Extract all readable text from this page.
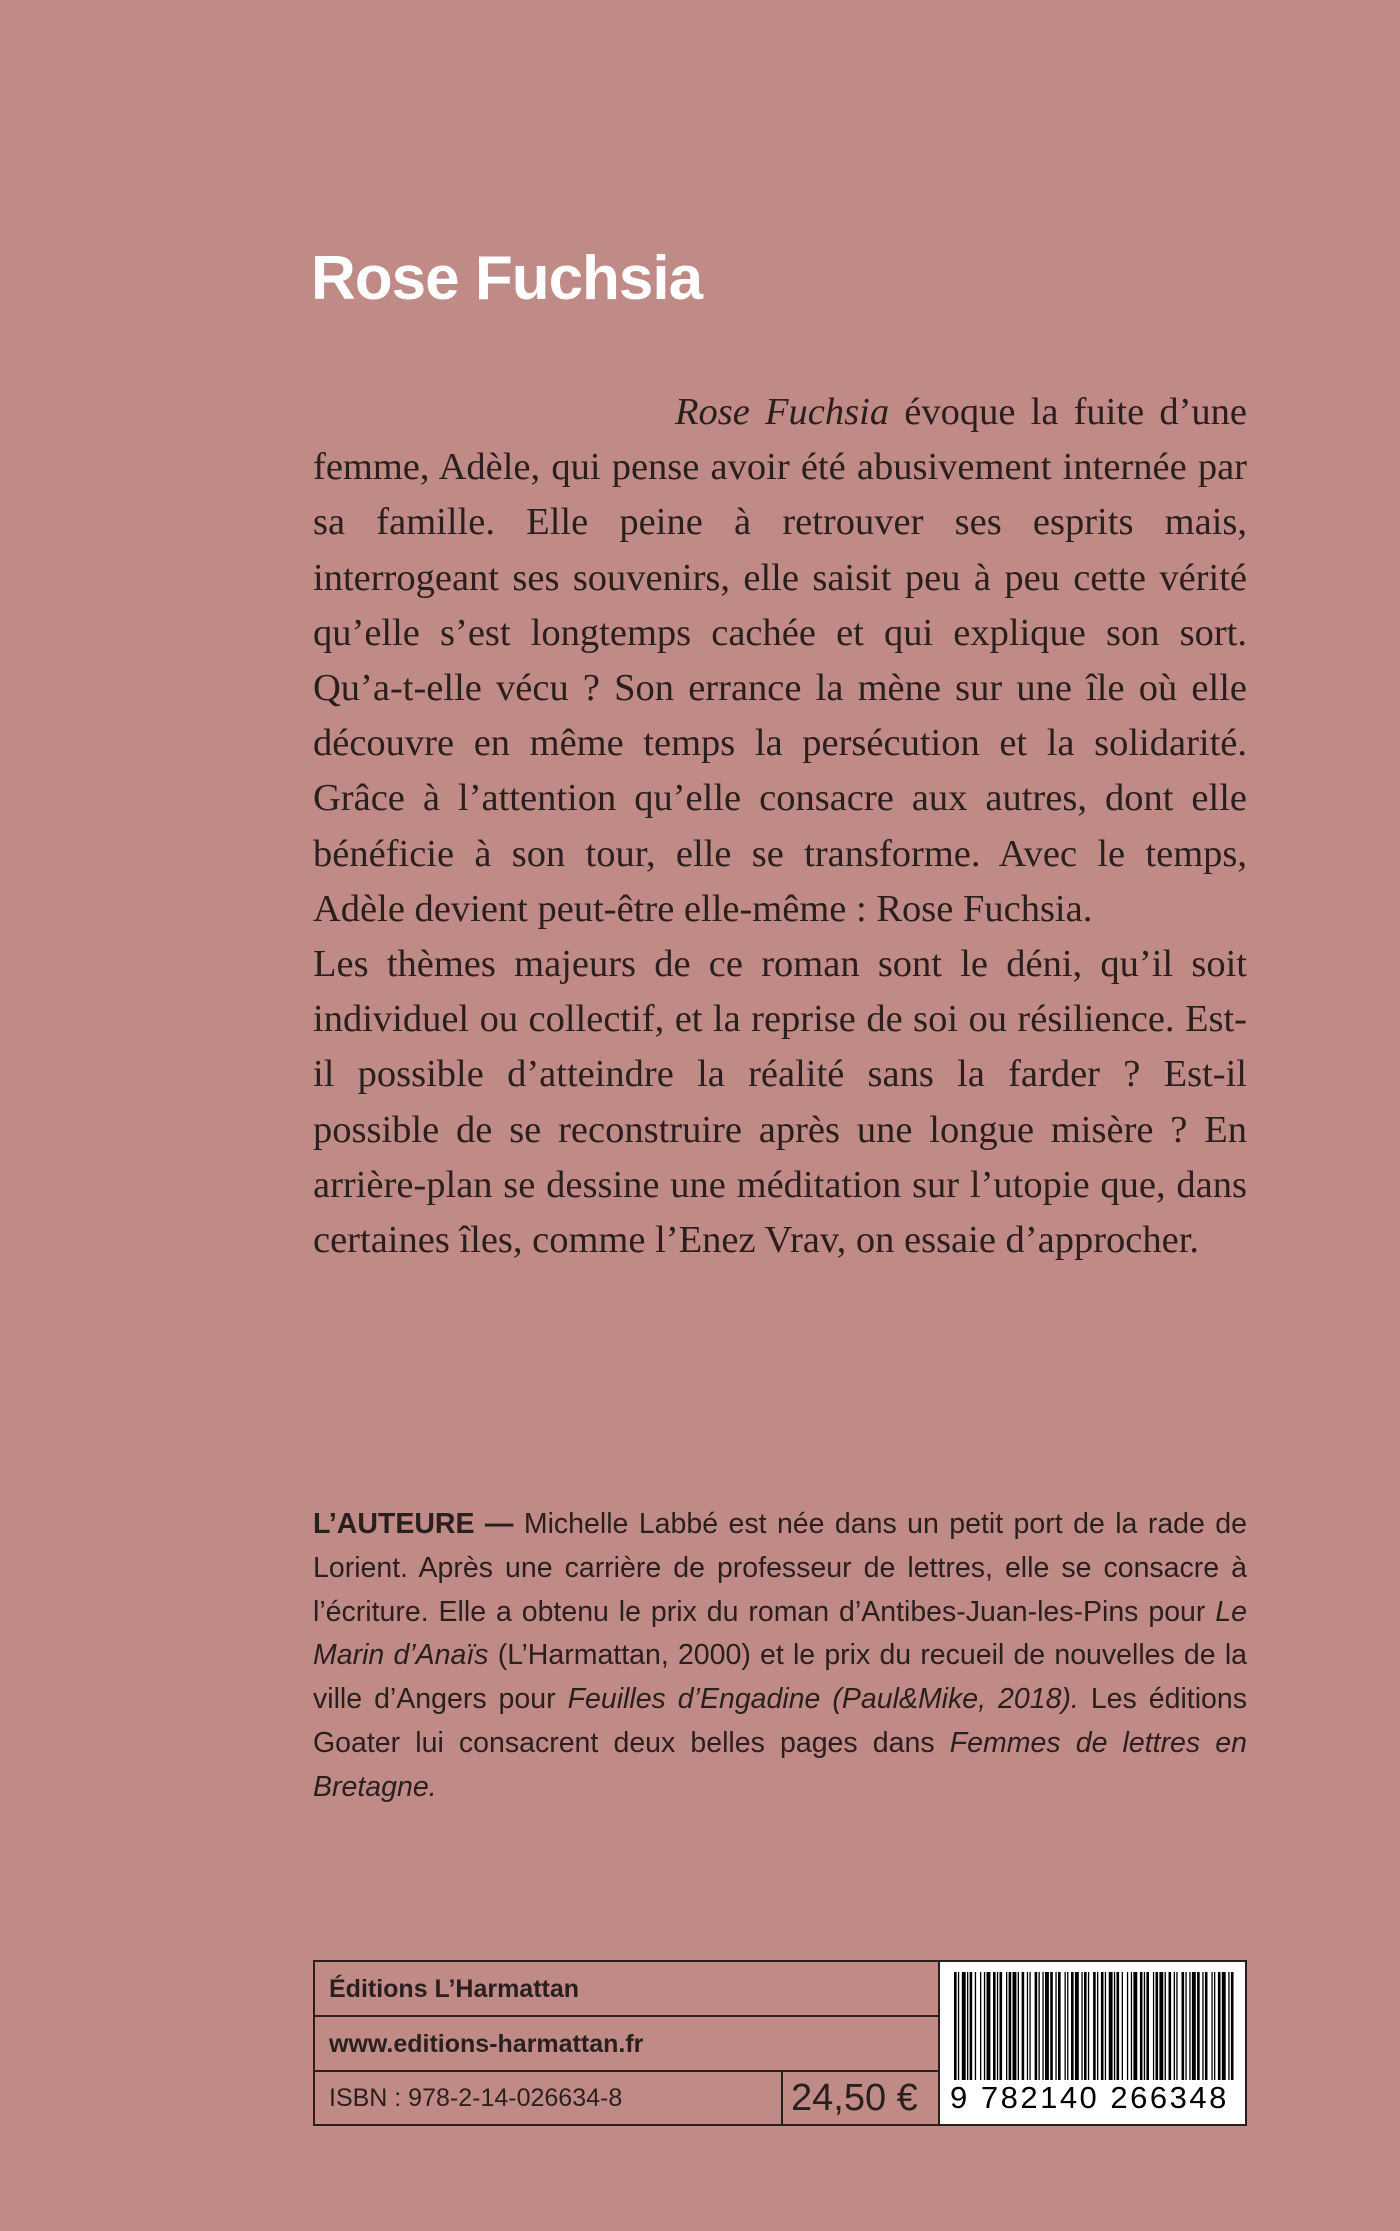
Rose Fuchsia

Rose Fuchsia évoque la fuite d’une femme, Adèle, qui pense avoir été abusivement internée par sa famille. Elle peine à retrouver ses esprits mais, interrogeant ses souvenirs, elle saisit peu à peu cette vérité qu’elle s’est longtemps cachée et qui explique son sort. Qu’a-t-elle vécu ? Son errance la mène sur une île où elle découvre en même temps la persécution et la solidarité. Grâce à l’attention qu’elle consacre aux autres, dont elle bénéficie à son tour, elle se transforme. Avec le temps, Adèle devient peut-être elle-même : Rose Fuchsia.

Les thèmes majeurs de ce roman sont le déni, qu’il soit individuel ou collectif, et la reprise de soi ou résilience. Est-il possible d’atteindre la réalité sans la farder ? Est-il possible de se reconstruire après une longue misère ? En arrière-plan se dessine une méditation sur l’utopie que, dans certaines îles, comme l’Enez Vrav, on essaie d’approcher.

L’AUTEURE — Michelle Labbé est née dans un petit port de la rade de Lorient. Après une carrière de professeur de lettres, elle se consacre à l’écriture. Elle a obtenu le prix du roman d’Antibes-Juan-les-Pins pour Le Marin d’Anaïs (L’Harmattan, 2000) et le prix du recueil de nouvelles de la ville d’Angers pour Feuilles d’Engadine (Paul&Mike, 2018). Les éditions Goater lui consacrent deux belles pages dans Femmes de lettres en Bretagne.
Éditions L’Harmattan
www.editions-harmattan.fr
ISBN : 978-2-14-026634-8	24,50 €	9 782140 266348
